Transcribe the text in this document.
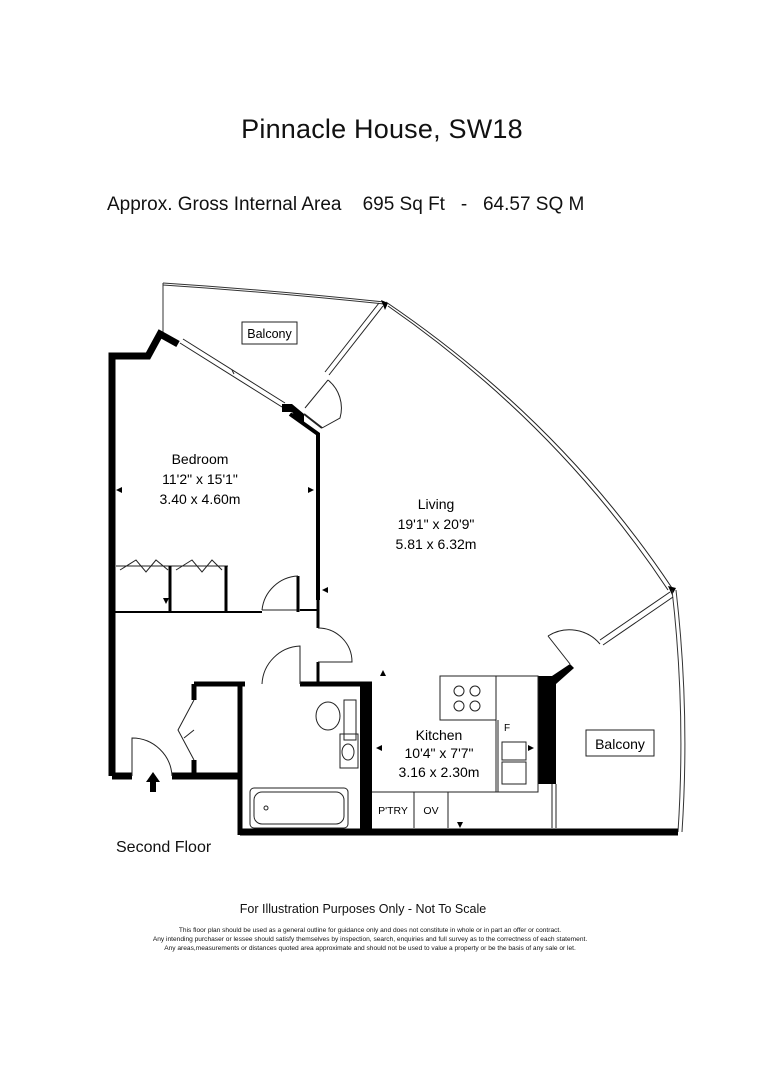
Pinnacle House, SW18
Approx. Gross Internal Area 695 Sq Ft - 64.57 SQ M
Balcony
Balcony
Bedroom
11'2" x 15'1"
3.40 x 4.60m	Living
19'1" x 20'9"
5.81 x 6.32m
Kitchen
10'4" x 7'7"
3.16 x 2.30m
P'TRY OV
F
Second Floor
For Illustration Purposes Only - Not To Scale
This floor plan should be used as a general outline for guidance only and does not constitute in whole or in part an offer or contract.
Any intending purchaser or lessee should satisfy themselves by inspection, search, enquiries and full survey as to the correctness of each statement.
Any areas,measurements or distances quoted area approximate and should not be used to value a property or be the basis of any sale or let.
